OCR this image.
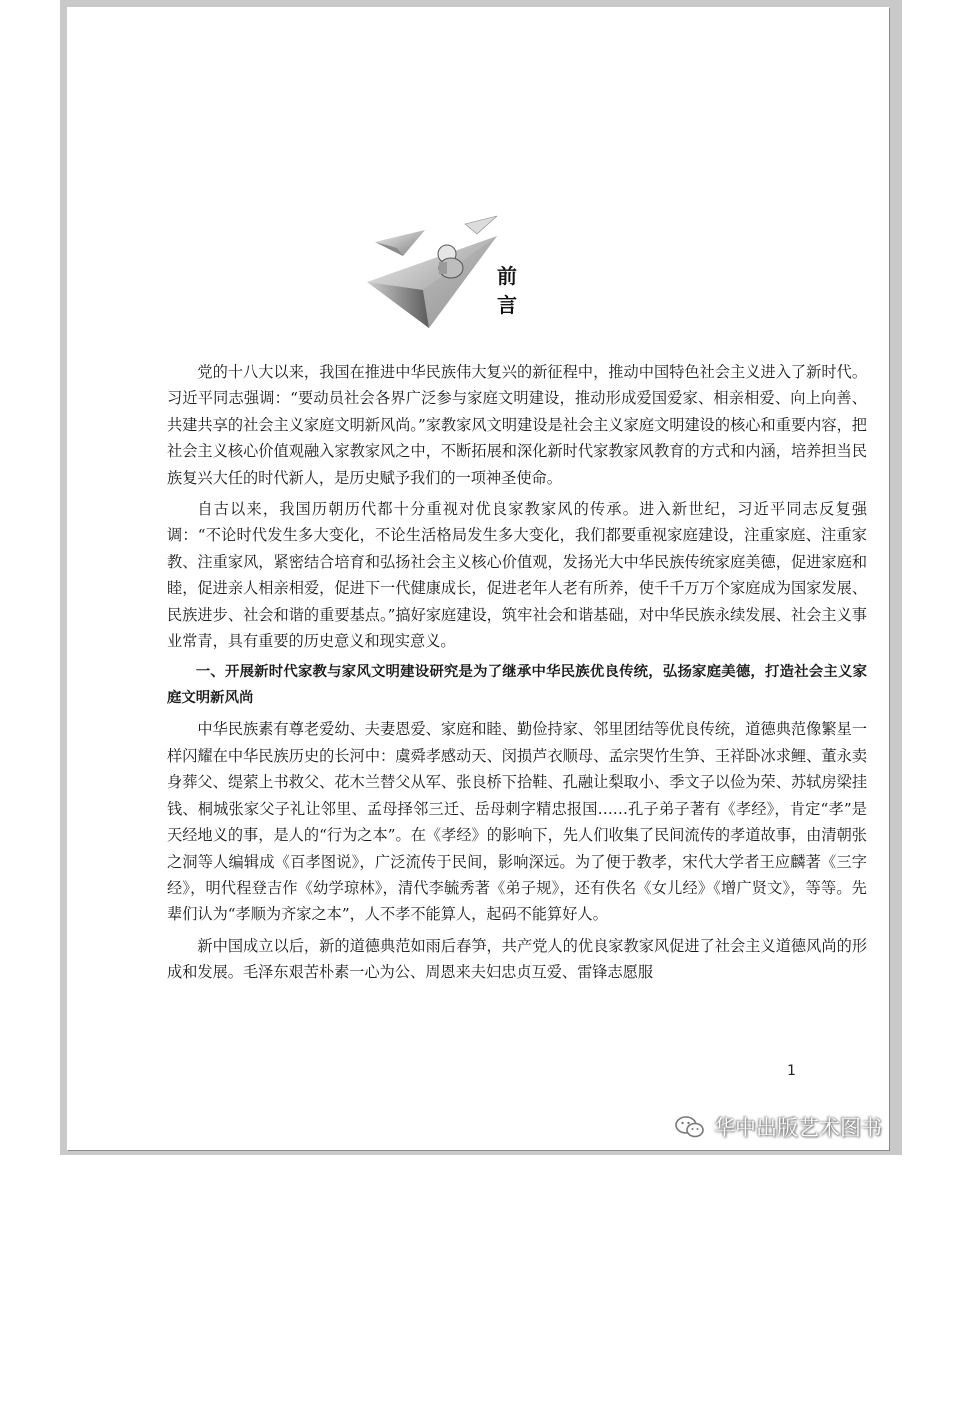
前　言

党的十八大以来，我国在推进中华民族伟大复兴的新征程中，推动中国特色社会主义进入了新时代。习近平同志强调：“要动员社会各界广泛参与家庭文明建设，推动形成爱国爱家、相亲相爱、向上向善、共建共享的社会主义家庭文明新风尚。”家教家风文明建设是社会主义家庭文明建设的核心和重要内容，把社会主义核心价值观融入家教家风之中，不断拓展和深化新时代家教家风教育的方式和内涵，培养担当民族复兴大任的时代新人，是历史赋予我们的一项神圣使命。

自古以来，我国历朝历代都十分重视对优良家教家风的传承。进入新世纪，习近平同志反复强调：“不论时代发生多大变化，不论生活格局发生多大变化，我们都要重视家庭建设，注重家庭、注重家教、注重家风，紧密结合培育和弘扬社会主义核心价值观，发扬光大中华民族传统家庭美德，促进家庭和睦，促进亲人相亲相爱，促进下一代健康成长，促进老年人老有所养，使千千万万个家庭成为国家发展、民族进步、社会和谐的重要基点。”搞好家庭建设，筑牢社会和谐基础，对中华民族永续发展、社会主义事业常青，具有重要的历史意义和现实意义。

一、开展新时代家教与家风文明建设研究是为了继承中华民族优良传统，弘扬家庭美德，打造社会主义家庭文明新风尚

中华民族素有尊老爱幼、夫妻恩爱、家庭和睦、勤俭持家、邻里团结等优良传统，道德典范像繁星一样闪耀在中华民族历史的长河中：虞舜孝感动天、闵损芦衣顺母、孟宗哭竹生笋、王祥卧冰求鲤、董永卖身葬父、缇萦上书救父、花木兰替父从军、张良桥下拾鞋、孔融让梨取小、季文子以俭为荣、苏轼房梁挂钱、桐城张家父子礼让邻里、孟母择邻三迁、岳母刺字精忠报国……孔子弟子著有《孝经》，肯定“孝”是天经地义的事，是人的“行为之本”。在《孝经》的影响下，先人们收集了民间流传的孝道故事，由清朝张之洞等人编辑成《百孝图说》，广泛流传于民间，影响深远。为了便于教孝，宋代大学者王应麟著《三字经》，明代程登吉作《幼学琼林》，清代李毓秀著《弟子规》，还有佚名《女儿经》《增广贤文》，等等。先辈们认为“孝顺为齐家之本”，人不孝不能算人，起码不能算好人。

新中国成立以后，新的道德典范如雨后春笋，共产党人的优良家教家风促进了社会主义道德风尚的形成和发展。毛泽东艰苦朴素一心为公、周恩来夫妇忠贞互爱、雷锋志愿服

1
华中出版艺术图书
